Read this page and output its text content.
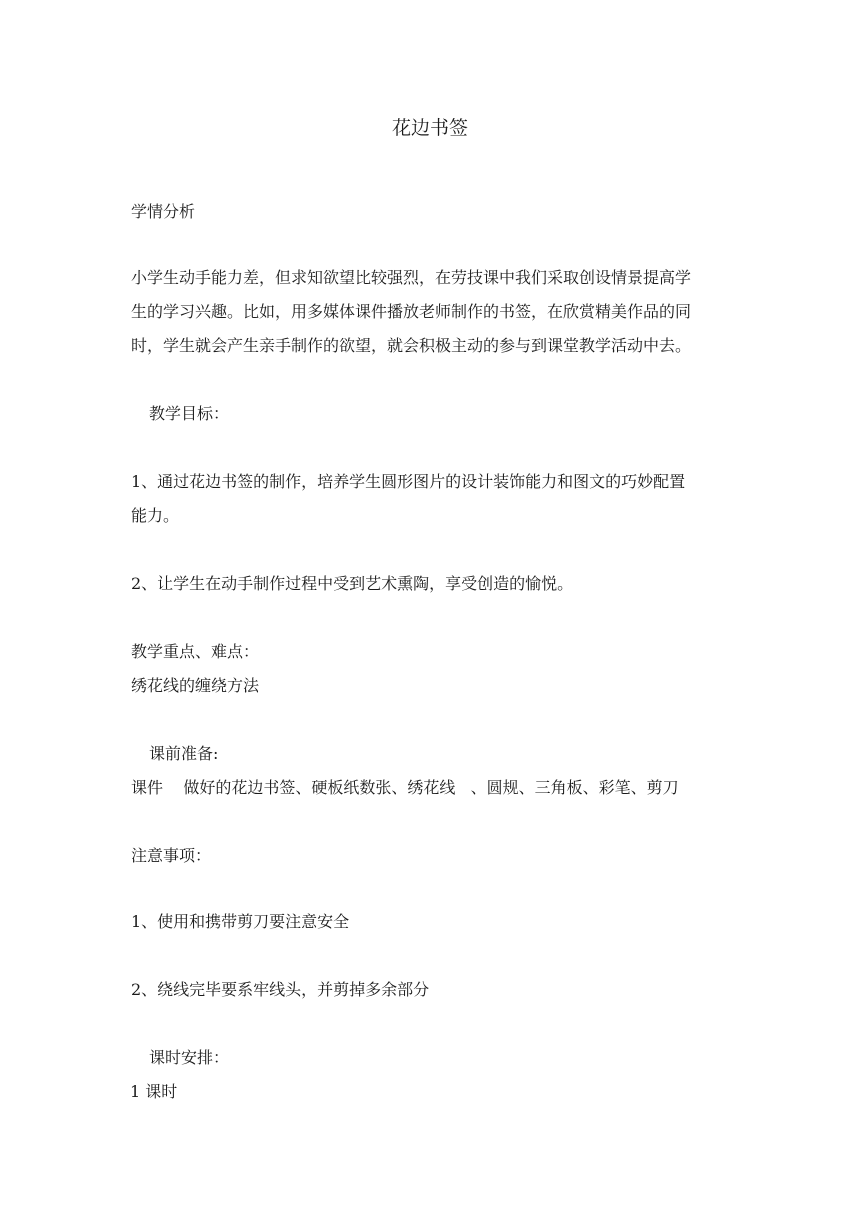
花边书签
学情分析
小学生动手能力差，但求知欲望比较强烈，在劳技课中我们采取创设情景提高学
生的学习兴趣。比如，用多媒体课件播放老师制作的书签，在欣赏精美作品的同
时，学生就会产生亲手制作的欲望，就会积极主动的参与到课堂教学活动中去。
教学目标：
1、通过花边书签的制作，培养学生圆形图片的设计装饰能力和图文的巧妙配置
能力。
2、让学生在动手制作过程中受到艺术熏陶，享受创造的愉悦。
教学重点、难点：
绣花线的缠绕方法
课前准备:
课件    做好的花边书签、硬板纸数张、绣花线   、圆规、三角板、彩笔、剪刀
注意事项：
1、使用和携带剪刀要注意安全
2、绕线完毕要系牢线头，并剪掉多余部分
课时安排：
1 课时
